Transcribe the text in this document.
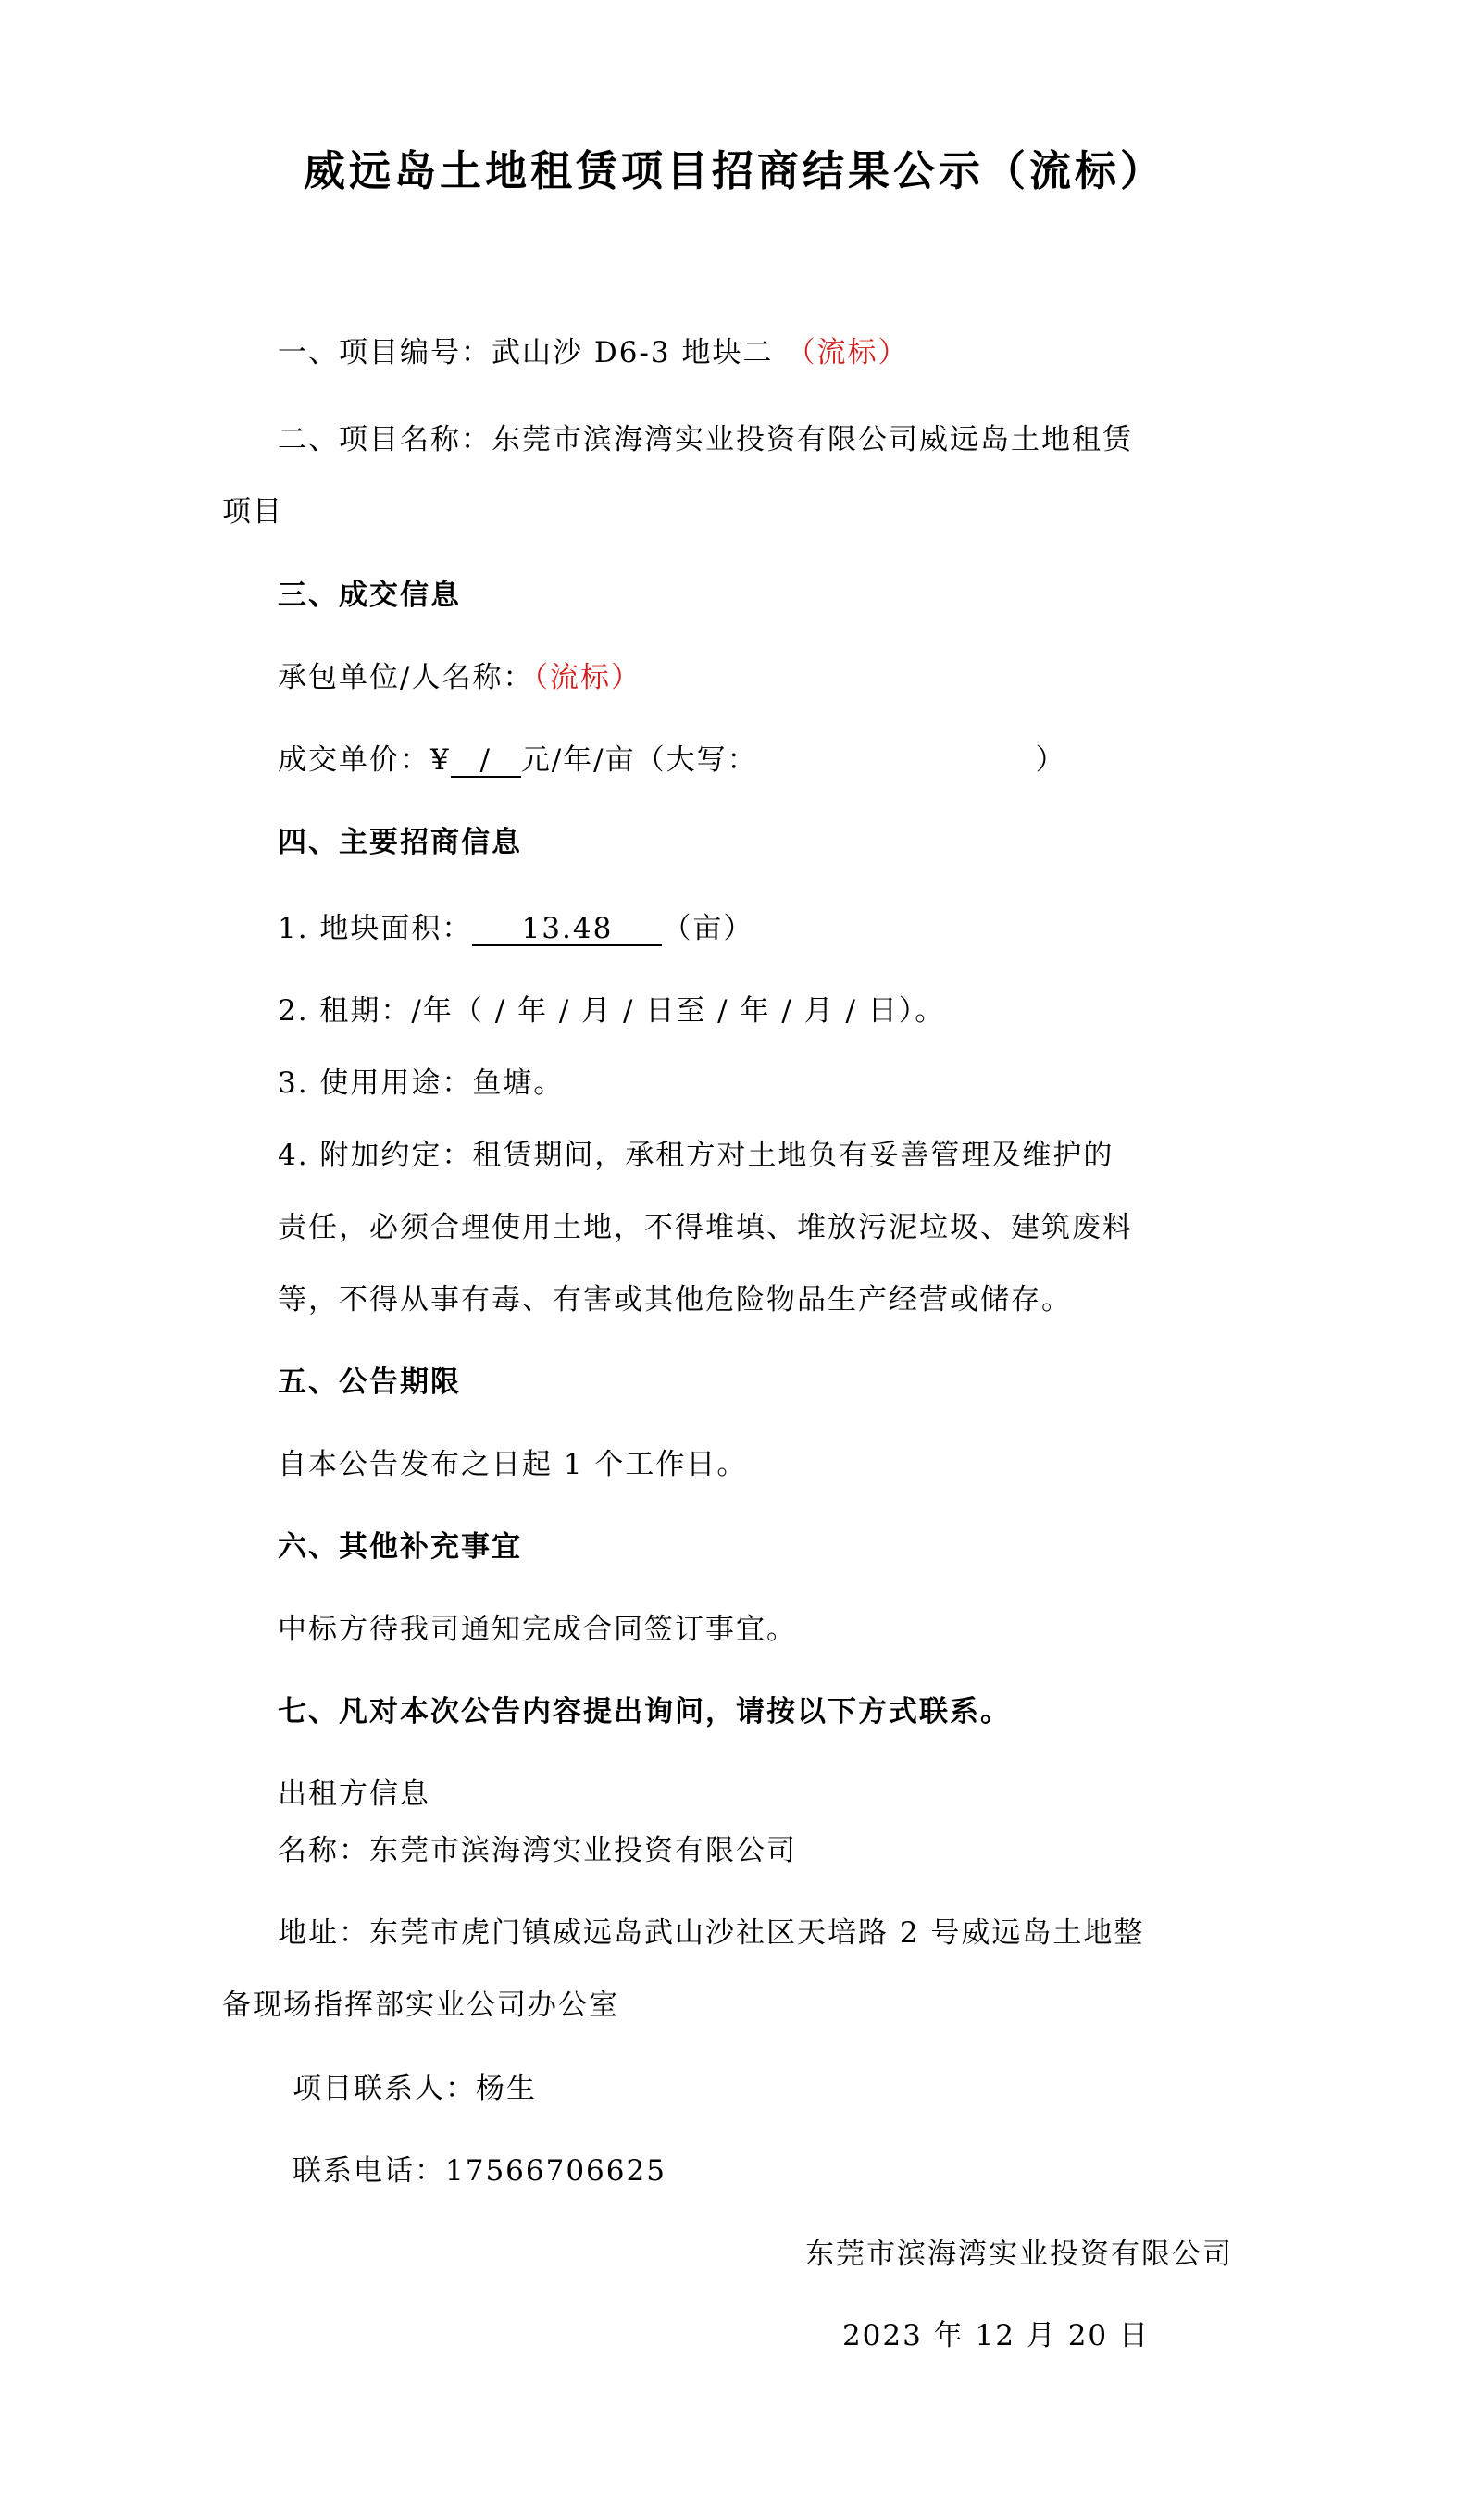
威远岛土地租赁项目招商结果公示（流标）
一、项目编号：武山沙 D6-3 地块二 （流标）
二、项目名称：东莞市滨海湾实业投资有限公司威远岛土地租赁
项目
三、成交信息
承包单位/人名称：（流标）
成交单价：¥ / 元/年/亩（大写：	）
四、主要招商信息
1. 地块面积： 13.48 （亩）
2. 租期：/年（ / 年 / 月 / 日至 / 年 / 月 / 日）。
3. 使用用途：鱼塘。
4. 附加约定：租赁期间，承租方对土地负有妥善管理及维护的
责任，必须合理使用土地，不得堆填、堆放污泥垃圾、建筑废料
等，不得从事有毒、有害或其他危险物品生产经营或储存。
五、公告期限
自本公告发布之日起 1 个工作日。
六、其他补充事宜
中标方待我司通知完成合同签订事宜。
七、凡对本次公告内容提出询问，请按以下方式联系。
出租方信息
名称：东莞市滨海湾实业投资有限公司
地址：东莞市虎门镇威远岛武山沙社区天培路 2 号威远岛土地整
备现场指挥部实业公司办公室
项目联系人：杨生
联系电话：17566706625
东莞市滨海湾实业投资有限公司
2023 年 12 月 20 日
